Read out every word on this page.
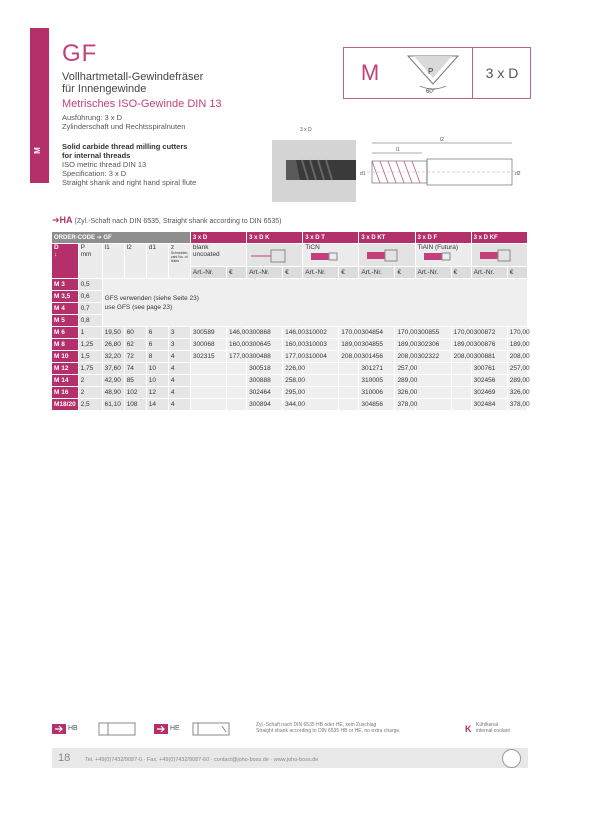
M
GF
Vollhartmetall-Gewindefräser
für Innengewinde
Metrisches ISO-Gewinde DIN 13
Ausführung: 3 x D
Zylinderschaft und Rechtsspiralnuten
Solid carbide thread milling cutters
for internal threads
ISO metric thread DIN 13
Specification: 3 x D
Straight shank and right hand spiral flute
M	P
60°
3 x D
3 x D
l2
l1
d1	d2
➔HA (Zyl.-Schaft nach DIN 6535, Straight shank according to DIN 6535)
ORDER-CODE ➔ GF						3 x D		3 x D K		3 x D T		3 x D KT		3 x D F		3 x D KF	
D
↓	P
mm	l1	l2	d1	z
Schneiden-zahl No. of flutes	blank
uncoated				TiCN				TiAlN (Futura)

						Art.-Nr.	€	Art.-Nr.	€	Art.-Nr.	€	Art.-Nr.	€	Art.-Nr.	€	Art.-Nr.	€
M 3	0,5	GFS verwenden (siehe Seite 23)
use GFS (see page 23)															

M 3,5	0,6																
M 4	0,7																
M 5	0,8																
M 6	1	19,50	60	6	3	300589	146,00	300868	146,00	310002	170,00	304854	170,00	300855	170,00	300872	170,00
M 8	1,25	26,80	62	6	3	300068	160,00	300645	160,00	310003	189,00	304855	189,00	302306	189,00	300876	189,00
M 10	1,5	32,20	72	8	4	302315	177,00	300488	177,00	310004	208,00	301456	208,00	302322	208,00	300881	208,00
M 12	1,75	37,60	74	10	4			300518	226,00			301271	257,00			300761	257,00
M 14	2	42,90	85	10	4			300888	258,00			310005	289,00			302456	289,00
M 16	2	48,90	102	12	4			302464	295,00			310006	326,00			302469	326,00
M18/20	2,5	61,10	108	14	4			300894	344,00			304856	378,00			302484	378,00
HB	HE	Zyl.-Schaft nach DIN 6535 HB oder HE, kein Zuschlag
Straight shank according to DIN 6535 HB or HE, no extra charge.	K Kühlkanal
internal coolant
18	Tel. +49(0)7432/9087-0 · Fax. +49(0)7432/9087-60 · contact@joho-boss.de · www.joho-boss.de
